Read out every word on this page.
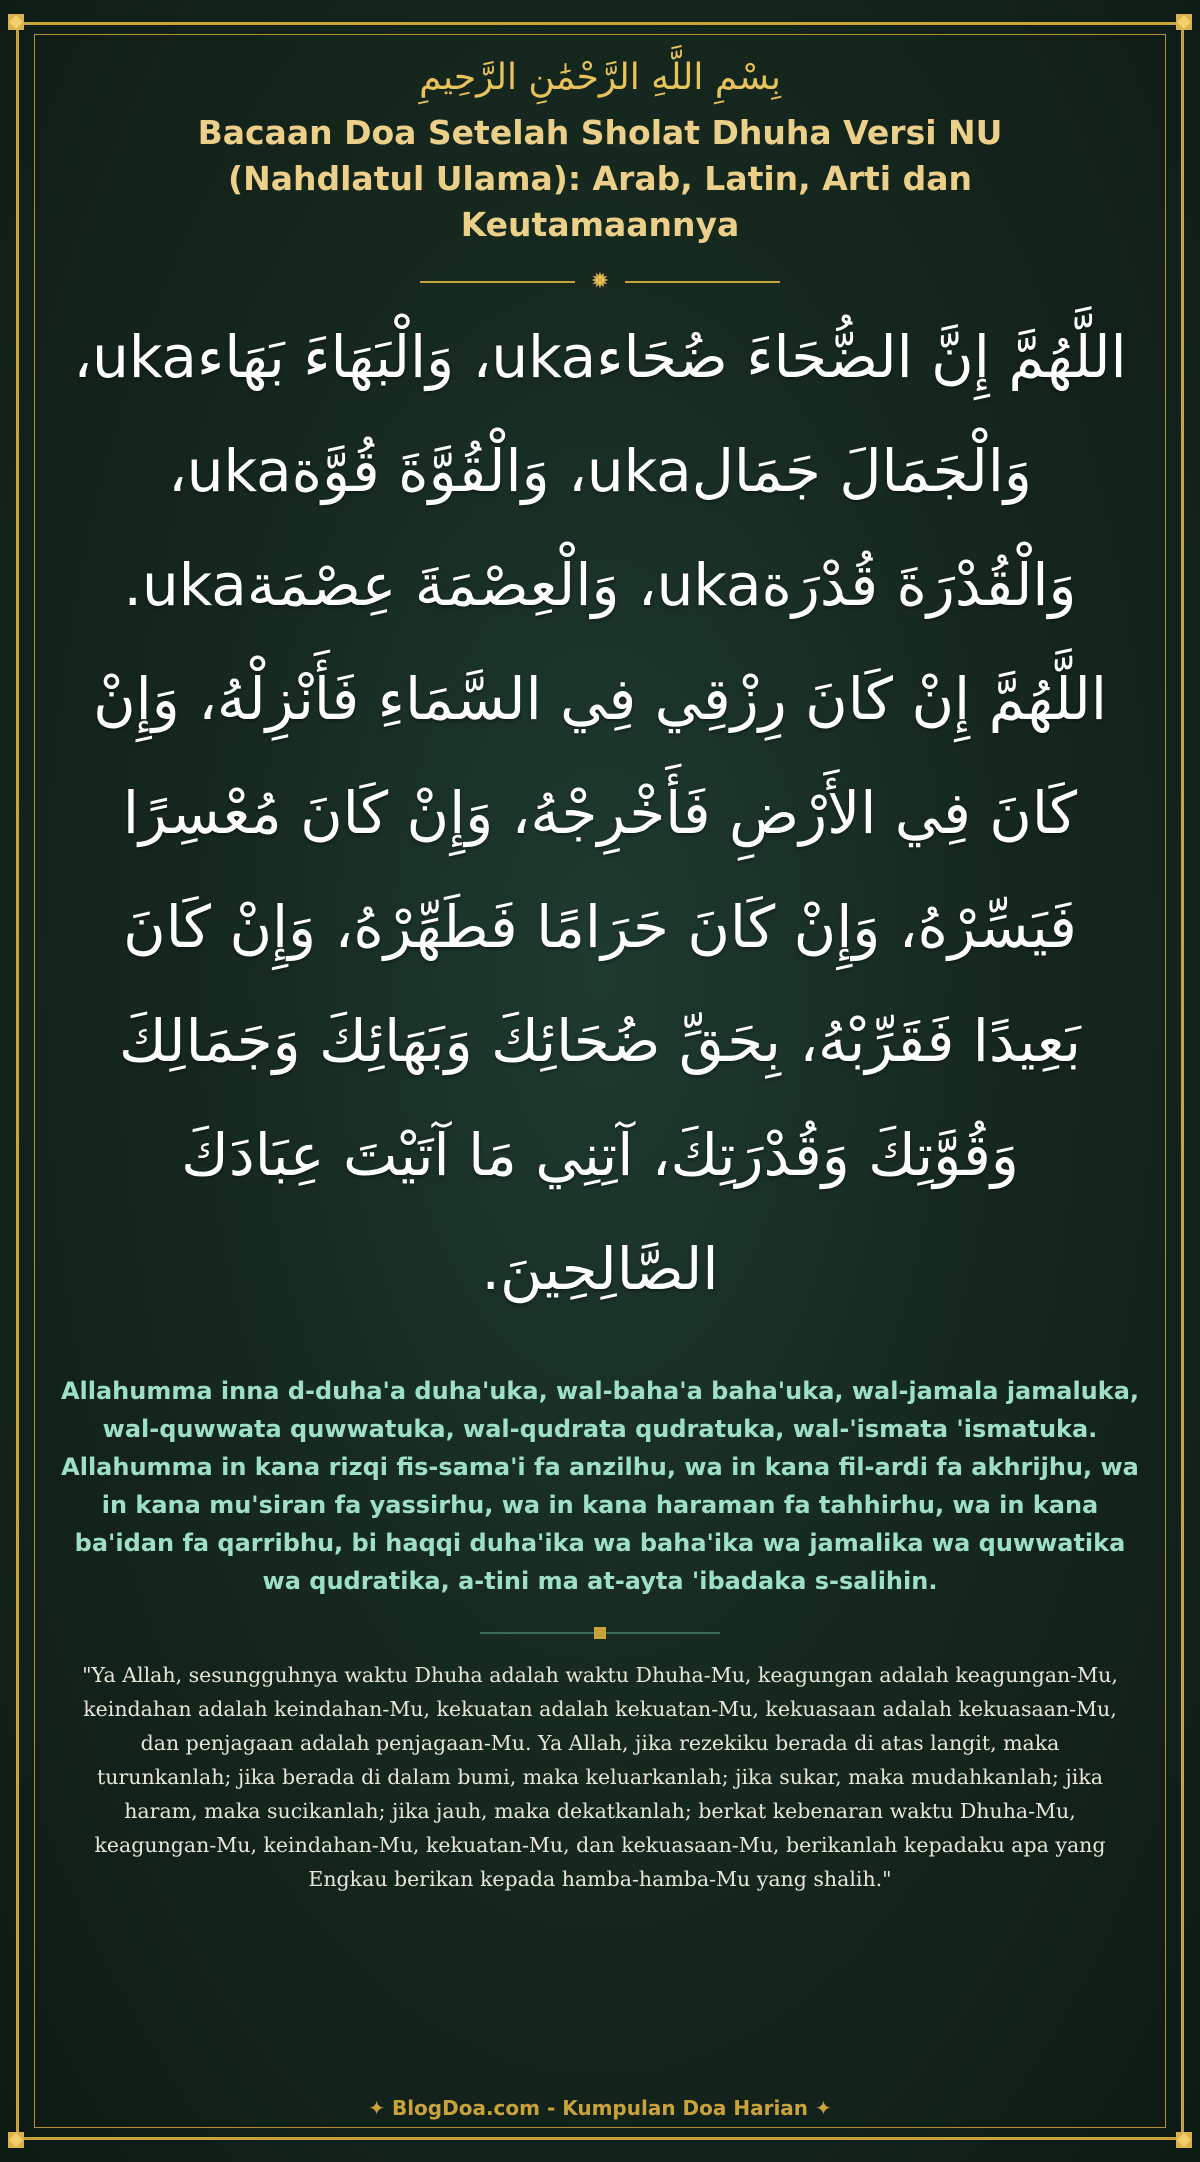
بِسْمِ اللَّهِ الرَّحْمَٰنِ الرَّحِيمِ
Bacaan Doa Setelah Sholat Dhuha Versi NU (Nahdlatul Ulama): Arab, Latin, Arti dan Keutamaannya
✹
اللَّهُمَّ إِنَّ الضُّحَاءَ ضُحَاءuka، وَالْبَهَاءَ بَهَاءuka، وَالْجَمَالَ جَمَالuka، وَالْقُوَّةَ قُوَّةuka، وَالْقُدْرَةَ قُدْرَةuka، وَالْعِصْمَةَ عِصْمَةuka. اللَّهُمَّ إِنْ كَانَ رِزْقِي فِي السَّمَاءِ فَأَنْزِلْهُ، وَإِنْ كَانَ فِي الأَرْضِ فَأَخْرِجْهُ، وَإِنْ كَانَ مُعْسِرًا فَيَسِّرْهُ، وَإِنْ كَانَ حَرَامًا فَطَهِّرْهُ، وَإِنْ كَانَ بَعِيدًا فَقَرِّبْهُ، بِحَقِّ ضُحَائِكَ وَبَهَائِكَ وَجَمَالِكَ وَقُوَّتِكَ وَقُدْرَتِكَ، آتِنِي مَا آتَيْتَ عِبَادَكَ الصَّالِحِينَ.
Allahumma inna d-duha'a duha'uka, wal-baha'a baha'uka, wal-jamala jamaluka, wal-quwwata quwwatuka, wal-qudrata qudratuka, wal-'ismata 'ismatuka. Allahumma in kana rizqi fis-sama'i fa anzilhu, wa in kana fil-ardi fa akhrijhu, wa in kana mu'siran fa yassirhu, wa in kana haraman fa tahhirhu, wa in kana ba'idan fa qarribhu, bi haqqi duha'ika wa baha'ika wa jamalika wa quwwatika wa qudratika, a-tini ma at-ayta 'ibadaka s-salihin.
"Ya Allah, sesungguhnya waktu Dhuha adalah waktu Dhuha-Mu, keagungan adalah keagungan-Mu, keindahan adalah keindahan-Mu, kekuatan adalah kekuatan-Mu, kekuasaan adalah kekuasaan-Mu, dan penjagaan adalah penjagaan-Mu. Ya Allah, jika rezekiku berada di atas langit, maka turunkanlah; jika berada di dalam bumi, maka keluarkanlah; jika sukar, maka mudahkanlah; jika haram, maka sucikanlah; jika jauh, maka dekatkanlah; berkat kebenaran waktu Dhuha-Mu, keagungan-Mu, keindahan-Mu, kekuatan-Mu, dan kekuasaan-Mu, berikanlah kepadaku apa yang Engkau berikan kepada hamba-hamba-Mu yang shalih."
✦ BlogDoa.com - Kumpulan Doa Harian ✦
